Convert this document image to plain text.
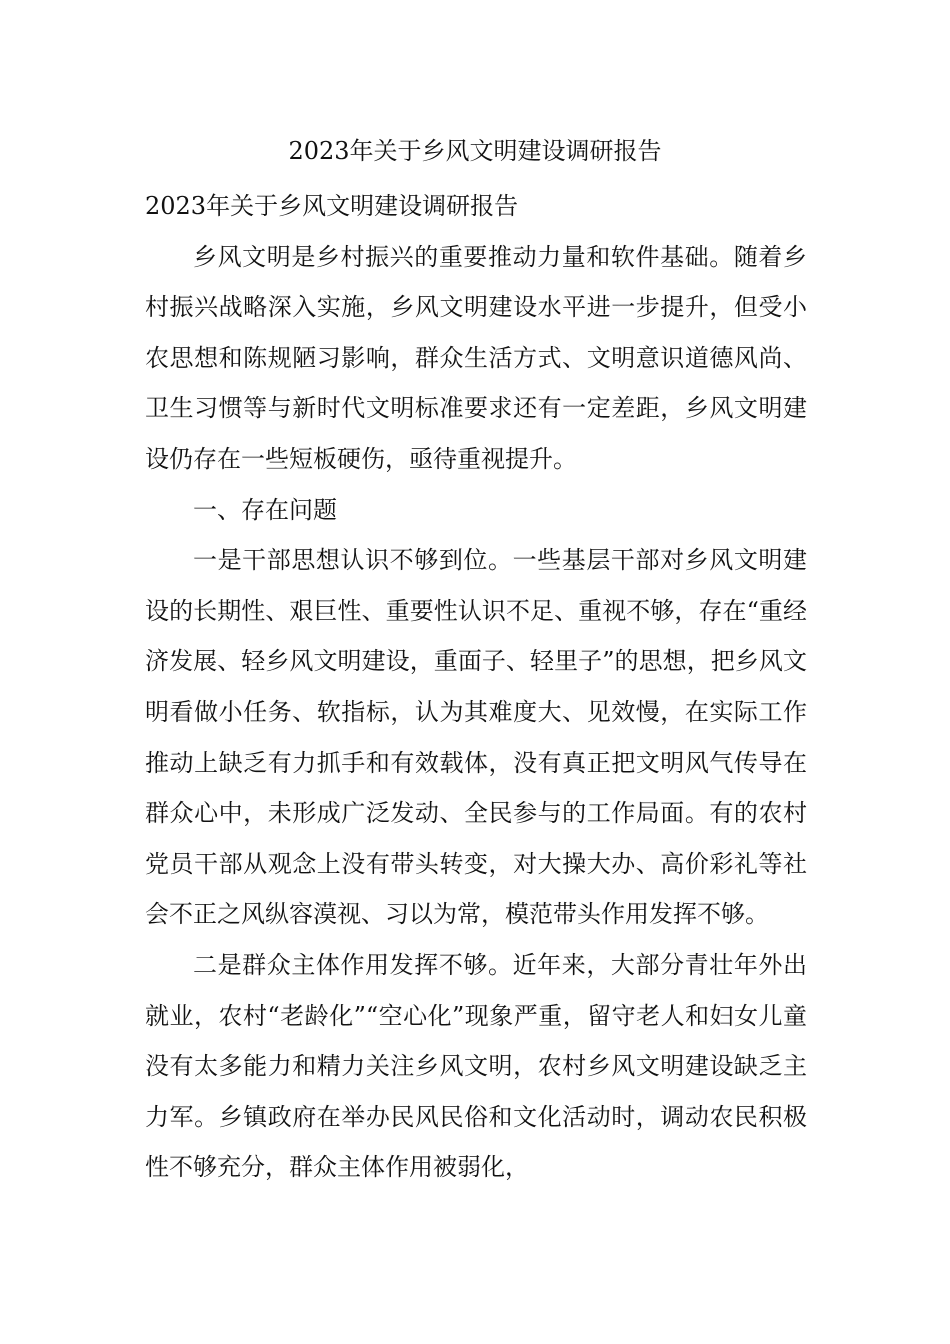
2023年关于乡风文明建设调研报告

2023年关于乡风文明建设调研报告

乡风文明是乡村振兴的重要推动力量和软件基础。随着乡村振兴战略深入实施，乡风文明建设水平进一步提升，但受小农思想和陈规陋习影响，群众生活方式、文明意识道德风尚、卫生习惯等与新时代文明标准要求还有一定差距，乡风文明建设仍存在一些短板硬伤，亟待重视提升。

一、存在问题

一是干部思想认识不够到位。一些基层干部对乡风文明建设的长期性、艰巨性、重要性认识不足、重视不够，存在“重经济发展、轻乡风文明建设，重面子、轻里子”的思想，把乡风文明看做小任务、软指标，认为其难度大、见效慢，在实际工作推动上缺乏有力抓手和有效载体，没有真正把文明风气传导在群众心中，未形成广泛发动、全民参与的工作局面。有的农村党员干部从观念上没有带头转变，对大操大办、高价彩礼等社会不正之风纵容漠视、习以为常，模范带头作用发挥不够。

二是群众主体作用发挥不够。近年来，大部分青壮年外出就业，农村“老龄化”“空心化”现象严重，留守老人和妇女儿童没有太多能力和精力关注乡风文明，农村乡风文明建设缺乏主力军。乡镇政府在举办民风民俗和文化活动时，调动农民积极性不够充分，群众主体作用被弱化，
